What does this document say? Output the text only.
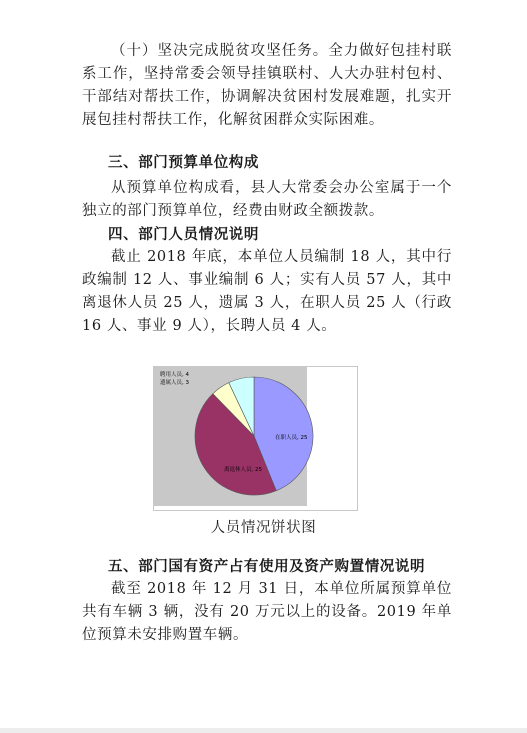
（十）坚决完成脱贫攻坚任务。全力做好包挂村联系工作，坚持常委会领导挂镇联村、人大办驻村包村、干部结对帮扶工作，协调解决贫困村发展难题，扎实开展包挂村帮扶工作，化解贫困群众实际困难。
三、部门预算单位构成
从预算单位构成看，县人大常委会办公室属于一个独立的部门预算单位，经费由财政全额拨款。
四、部门人员情况说明
截止 2018 年底，本单位人员编制 18 人，其中行政编制 12 人、事业编制 6 人；实有人员 57 人，其中离退休人员 25 人，遗属 3 人，在职人员 25 人（行政 16 人、事业 9 人），长聘人员 4 人。
在职人员, 25
离退休人员, 25
遗属人员, 3
聘用人员, 4
人员情况饼状图
五、部门国有资产占有使用及资产购置情况说明
截至 2018 年 12 月 31 日，本单位所属预算单位共有车辆 3 辆，没有 20 万元以上的设备。2019 年单位预算未安排购置车辆。
